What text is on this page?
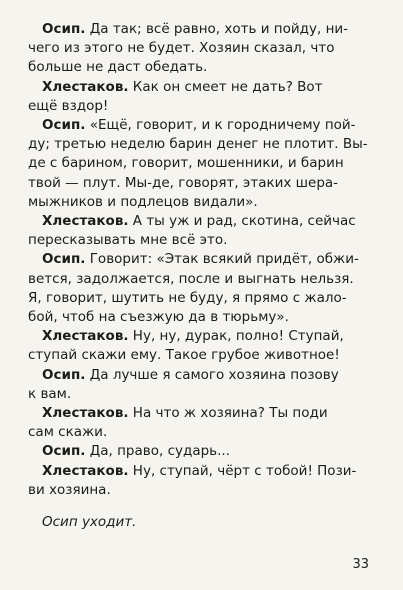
Осип. Да так; всё равно, хоть и пойду, ни-
чего из этого не будет. Хозяин сказал, что
больше не даст обедать.
Хлестаков. Как он смеет не дать? Вот
ещё вздор!
Осип. «Ещё, говорит, и к городничему пой-
ду; третью неделю барин денег не плотит. Вы-
де с барином, говорит, мошенники, и барин
твой — плут. Мы-де, говорят, этаких шера-
мыжников и подлецов видали».
Хлестаков. А ты уж и рад, скотина, сейчас
пересказывать мне всё это.
Осип. Говорит: «Этак всякий придёт, обжи-
вется, задолжается, после и выгнать нельзя.
Я, говорит, шутить не буду, я прямо с жало-
бой, чтоб на съезжую да в тюрьму».
Хлестаков. Ну, ну, дурак, полно! Ступай,
ступай скажи ему. Такое грубое животное!
Осип. Да лучше я самого хозяина позову
к вам.
Хлестаков. На что ж хозяина? Ты поди
сам скажи.
Осип. Да, право, сударь...
Хлестаков. Ну, ступай, чёрт с тобой! Пози-
ви хозяина.
Осип уходит.
33
